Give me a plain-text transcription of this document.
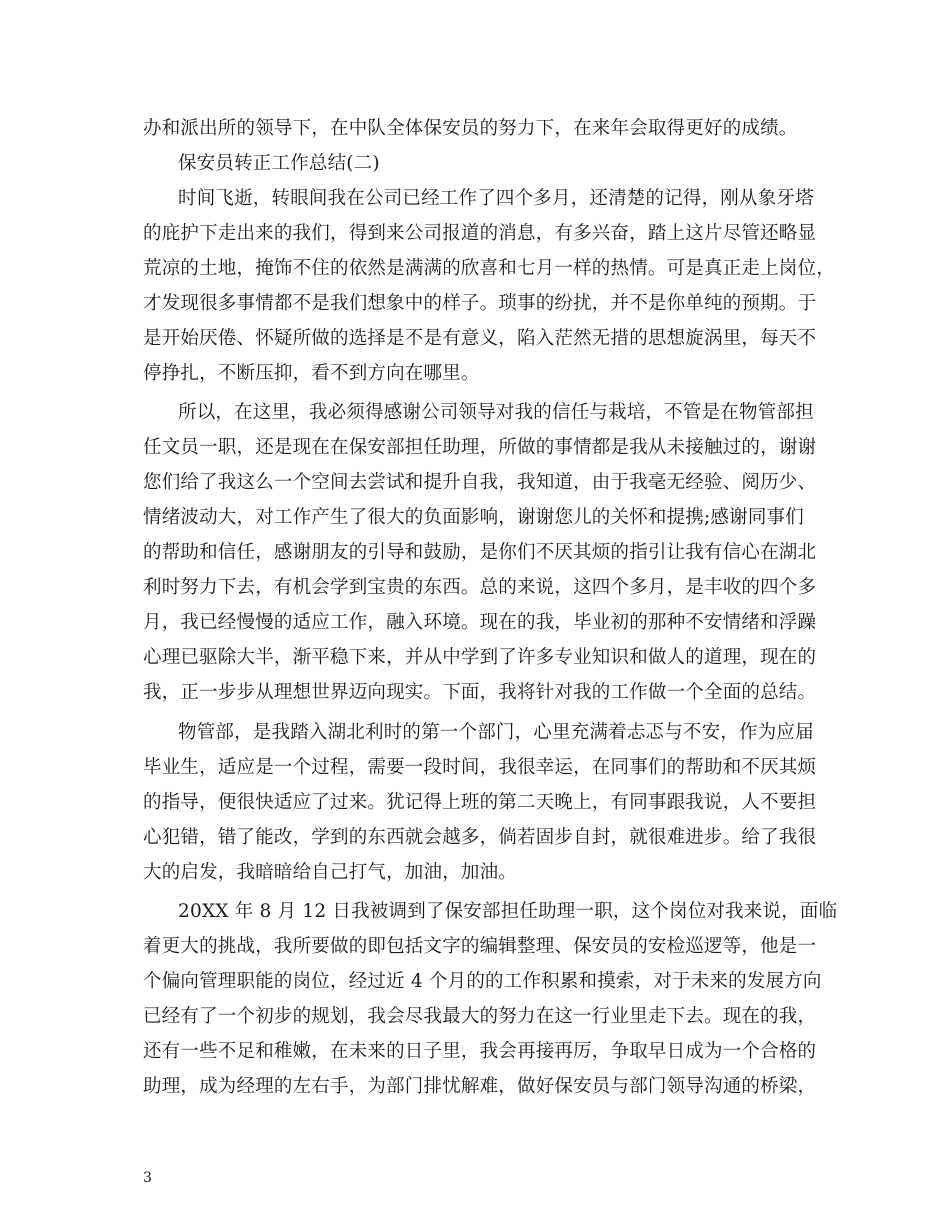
办和派出所的领导下，在中队全体保安员的努力下，在来年会取得更好的成绩。
保安员转正工作总结(二)
时间飞逝，转眼间我在公司已经工作了四个多月，还清楚的记得，刚从象牙塔
的庇护下走出来的我们，得到来公司报道的消息，有多兴奋，踏上这片尽管还略显
荒凉的土地，掩饰不住的依然是满满的欣喜和七月一样的热情。可是真正走上岗位，
才发现很多事情都不是我们想象中的样子。琐事的纷扰，并不是你单纯的预期。于
是开始厌倦、怀疑所做的选择是不是有意义，陷入茫然无措的思想旋涡里，每天不
停挣扎，不断压抑，看不到方向在哪里。
所以，在这里，我必须得感谢公司领导对我的信任与栽培，不管是在物管部担
任文员一职，还是现在在保安部担任助理，所做的事情都是我从未接触过的，谢谢
您们给了我这么一个空间去尝试和提升自我，我知道，由于我毫无经验、阅历少、
情绪波动大，对工作产生了很大的负面影响，谢谢您儿的关怀和提携;感谢同事们
的帮助和信任，感谢朋友的引导和鼓励，是你们不厌其烦的指引让我有信心在湖北
利时努力下去，有机会学到宝贵的东西。总的来说，这四个多月，是丰收的四个多
月，我已经慢慢的适应工作，融入环境。现在的我，毕业初的那种不安情绪和浮躁
心理已驱除大半，渐平稳下来，并从中学到了许多专业知识和做人的道理，现在的
我，正一步步从理想世界迈向现实。下面，我将针对我的工作做一个全面的总结。
物管部，是我踏入湖北利时的第一个部门，心里充满着忐忑与不安，作为应届
毕业生，适应是一个过程，需要一段时间，我很幸运，在同事们的帮助和不厌其烦
的指导，便很快适应了过来。犹记得上班的第二天晚上，有同事跟我说，人不要担
心犯错，错了能改，学到的东西就会越多，倘若固步自封，就很难进步。给了我很
大的启发，我暗暗给自己打气，加油，加油。
20XX 年 8 月 12 日我被调到了保安部担任助理一职，这个岗位对我来说，面临
着更大的挑战，我所要做的即包括文字的编辑整理、保安员的安检巡逻等，他是一
个偏向管理职能的岗位，经过近 4 个月的的工作积累和摸索，对于未来的发展方向
已经有了一个初步的规划，我会尽我最大的努力在这一行业里走下去。现在的我，
还有一些不足和稚嫩，在未来的日子里，我会再接再厉，争取早日成为一个合格的
助理，成为经理的左右手，为部门排忧解难，做好保安员与部门领导沟通的桥梁，
3
